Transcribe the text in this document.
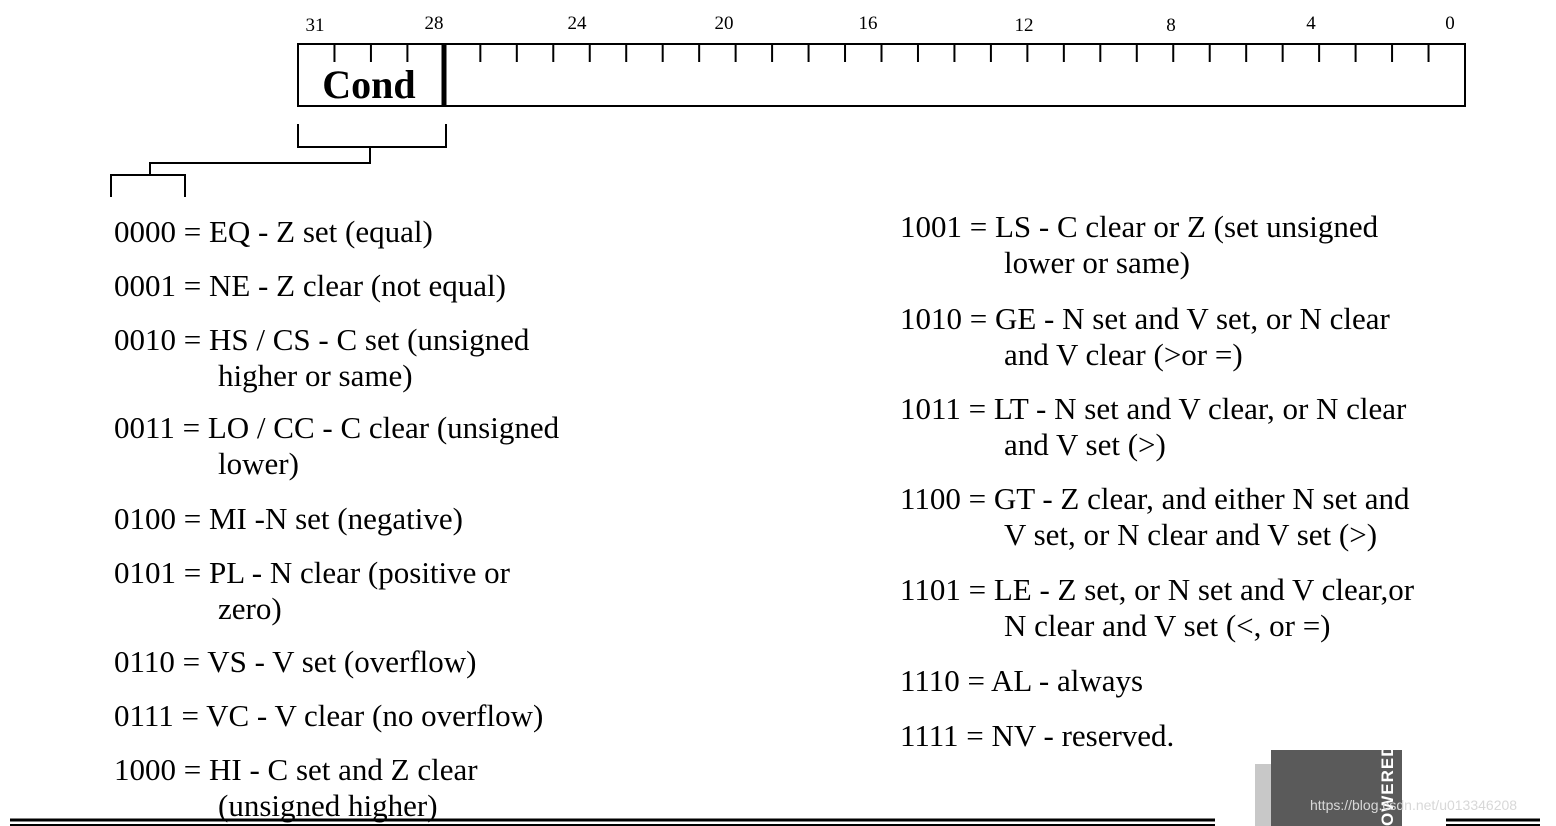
31	28	24	20	16	12	8	4	0
Cond
0000 = EQ - Z set (equal)
0001 = NE - Z clear (not equal)
0010 = HS / CS - C set (unsigned
higher or same)
0011 = LO / CC - C clear (unsigned
lower)
0100 = MI -N set (negative)
0101 = PL - N clear (positive or
zero)
0110 = VS - V set (overflow)
0111 = VC - V clear (no overflow)
1000 = HI - C set and Z clear
(unsigned higher)
1001 = LS - C clear or Z (set unsigned
lower or same)
1010 = GE - N set and V set, or N clear
and V clear (>or =)
1011 = LT - N set and V clear, or N clear
and V set (>)
1100 = GT - Z clear, and either N set and
V set, or N clear and V set (>)
1101 = LE - Z set, or N set and V clear,or
N clear and V set (<, or =)
1110 = AL - always
1111 = NV - reserved.
OWERED
https://blog.csdn.net/u013346208
